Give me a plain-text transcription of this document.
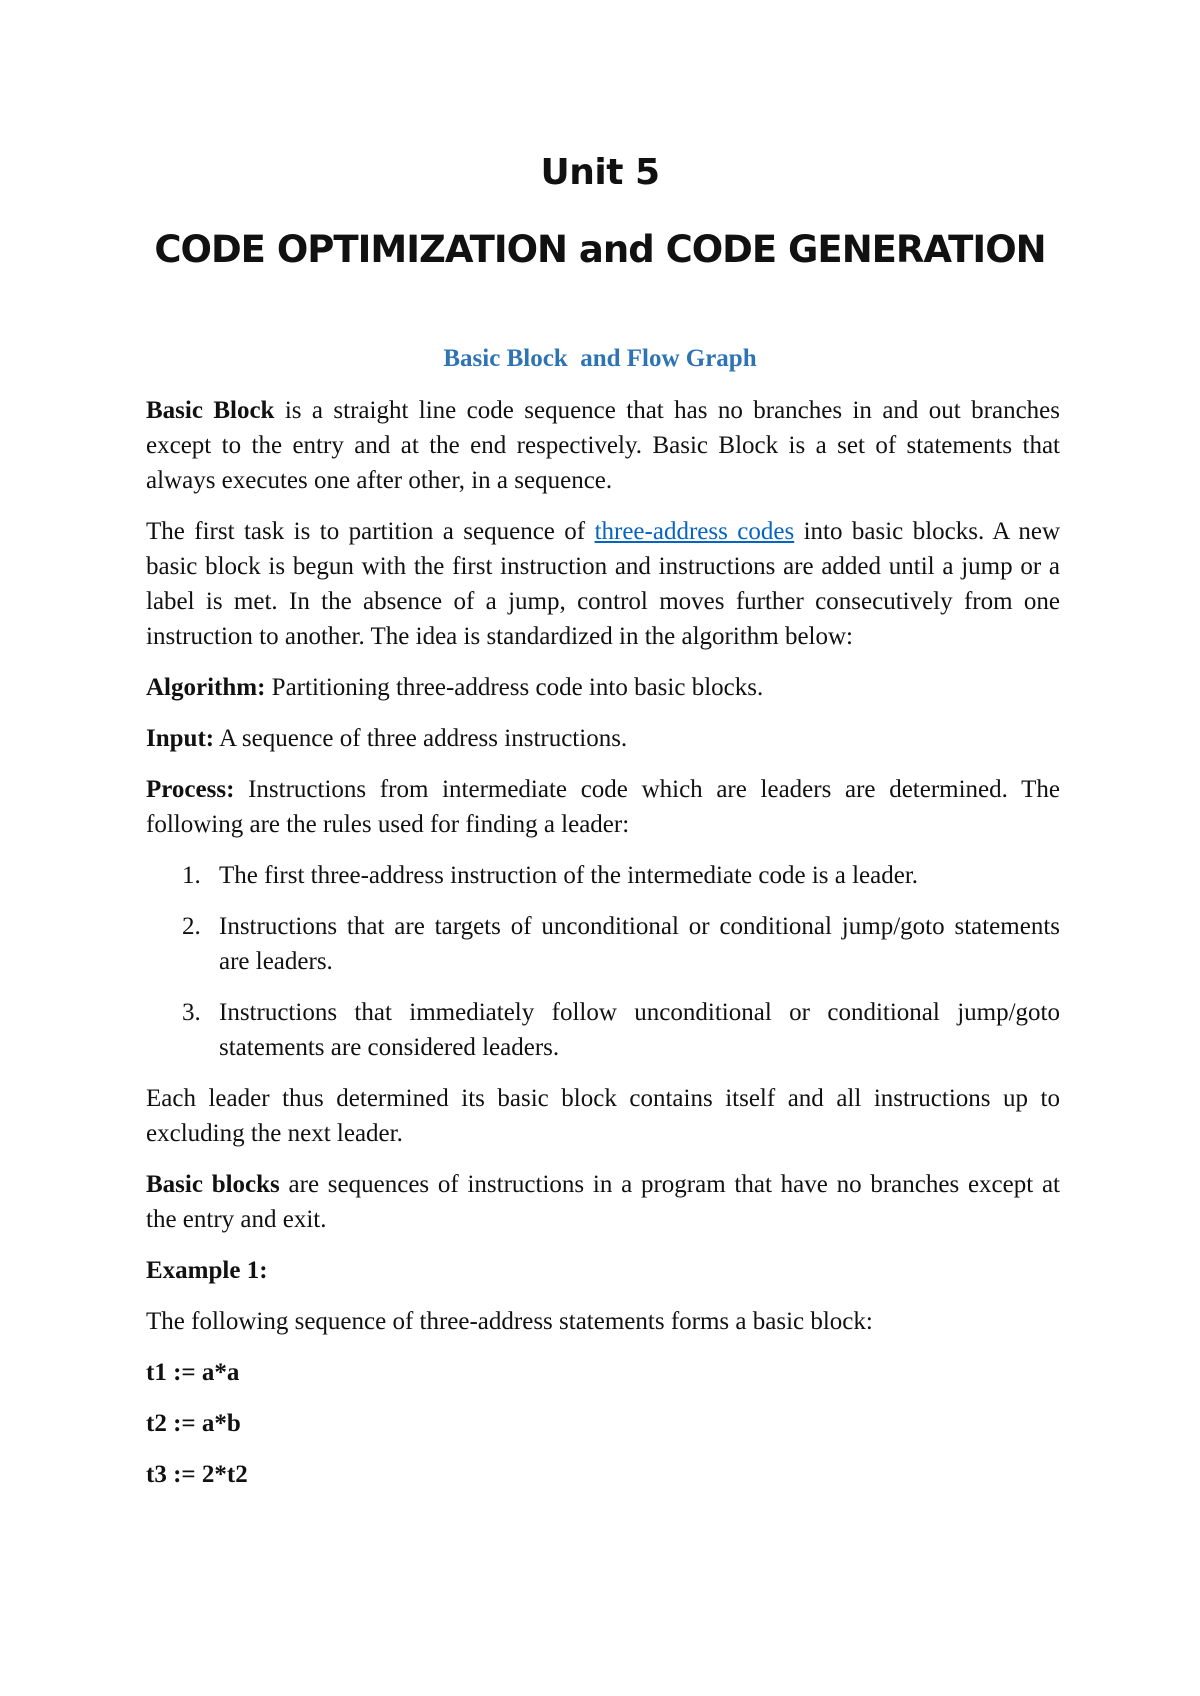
Unit 5
CODE OPTIMIZATION and CODE GENERATION
Basic Block  and Flow Graph

Basic Block is a straight line code sequence that has no branches in and out branches except to the entry and at the end respectively. Basic Block is a set of statements that always executes one after other, in a sequence.

The first task is to partition a sequence of three-address codes into basic blocks. A new basic block is begun with the first instruction and instructions are added until a jump or a label is met. In the absence of a jump, control moves further consecutively from one instruction to another. The idea is standardized in the algorithm below:

Algorithm: Partitioning three-address code into basic blocks.

Input: A sequence of three address instructions.

Process: Instructions from intermediate code which are leaders are determined. The following are the rules used for finding a leader:

1. The first three-address instruction of the intermediate code is a leader.
2. Instructions that are targets of unconditional or conditional jump/goto statements are leaders.
3. Instructions that immediately follow unconditional or conditional jump/goto statements are considered leaders.

Each leader thus determined its basic block contains itself and all instructions up to excluding the next leader.

Basic blocks are sequences of instructions in a program that have no branches except at the entry and exit.

Example 1:

The following sequence of three-address statements forms a basic block:

t1 := a*a
t2 := a*b
t3 := 2*t2
